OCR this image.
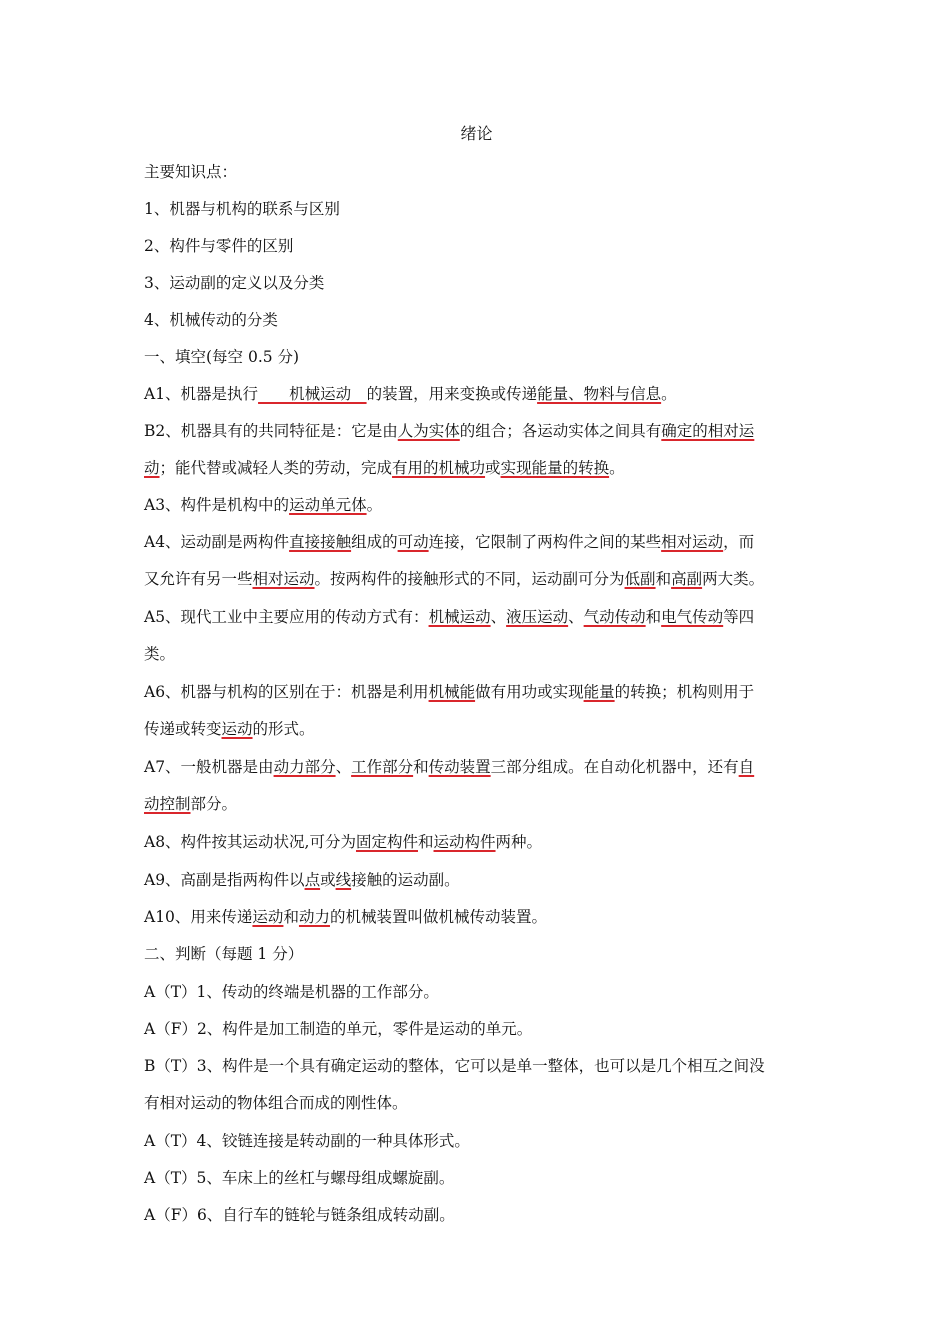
绪论
主要知识点：
1、机器与机构的联系与区别
2、构件与零件的区别
3、运动副的定义以及分类
4、机械传动的分类
一、填空(每空 0.5 分)
A1、机器是执行　　机械运动　的装置，用来变换或传递能量、物料与信息。
B2、机器具有的共同特征是：它是由人为实体的组合；各运动实体之间具有确定的相对运
动；能代替或减轻人类的劳动，完成有用的机械功或实现能量的转换。
A3、构件是机构中的运动单元体。
A4、运动副是两构件直接接触组成的可动连接，它限制了两构件之间的某些相对运动，而
又允许有另一些相对运动。按两构件的接触形式的不同，运动副可分为低副和高副两大类。
A5、现代工业中主要应用的传动方式有：机械运动、液压运动、气动传动和电气传动等四
类。
A6、机器与机构的区别在于：机器是利用机械能做有用功或实现能量的转换；机构则用于
传递或转变运动的形式。
A7、一般机器是由动力部分、工作部分和传动装置三部分组成。在自动化机器中，还有自
动控制部分。
A8、构件按其运动状况,可分为固定构件和运动构件两种。
A9、高副是指两构件以点或线接触的运动副。
A10、用来传递运动和动力的机械装置叫做机械传动装置。
二、判断（每题 1 分）
A（T）1、传动的终端是机器的工作部分。
A（F）2、构件是加工制造的单元，零件是运动的单元。
B（T）3、构件是一个具有确定运动的整体，它可以是单一整体，也可以是几个相互之间没
有相对运动的物体组合而成的刚性体。
A（T）4、铰链连接是转动副的一种具体形式。
A（T）5、车床上的丝杠与螺母组成螺旋副。
A（F）6、自行车的链轮与链条组成转动副。
